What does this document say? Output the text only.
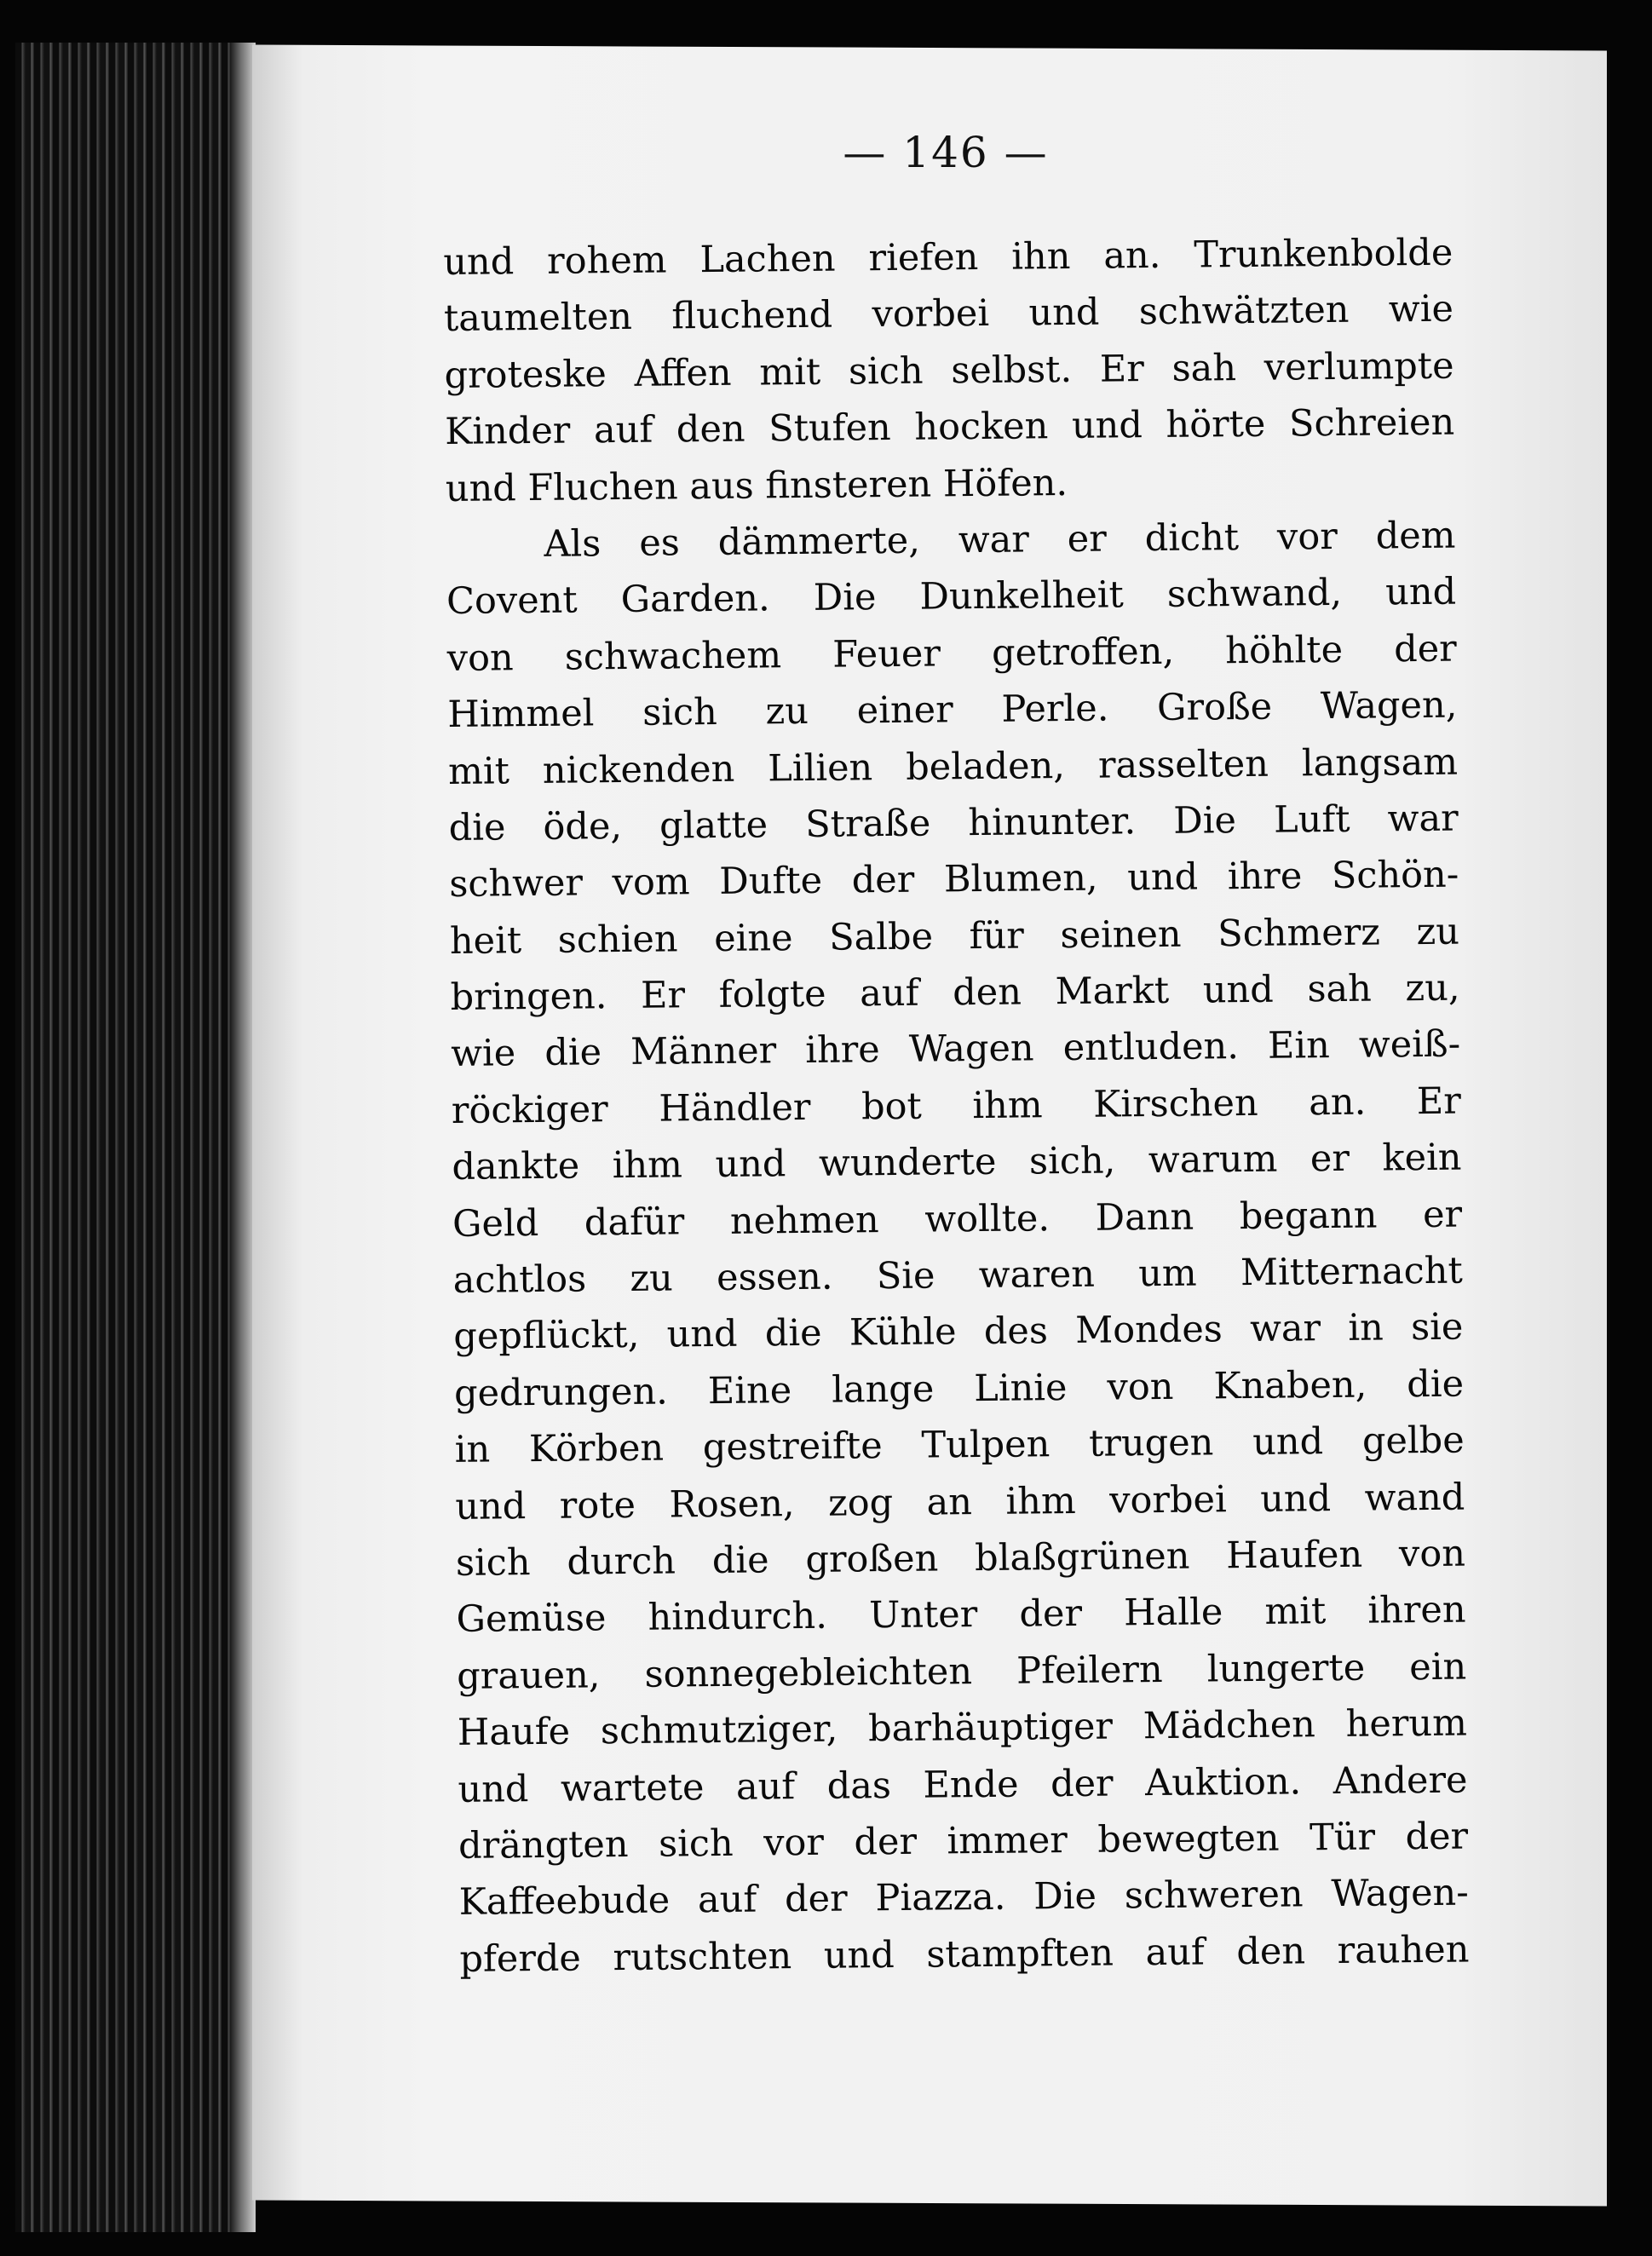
— 146 —
und rohem Lachen riefen ihn an. Trunkenbolde
taumelten fluchend vorbei und schwätzten wie
groteske Affen mit sich selbst. Er sah verlumpte
Kinder auf den Stufen hocken und hörte Schreien
und Fluchen aus finsteren Höfen.
Als es dämmerte, war er dicht vor dem
Covent Garden. Die Dunkelheit schwand, und
von schwachem Feuer getroffen, höhlte der
Himmel sich zu einer Perle. Große Wagen,
mit nickenden Lilien beladen, rasselten langsam
die öde, glatte Straße hinunter. Die Luft war
schwer vom Dufte der Blumen, und ihre Schön-
heit schien eine Salbe für seinen Schmerz zu
bringen. Er folgte auf den Markt und sah zu,
wie die Männer ihre Wagen entluden. Ein weiß-
röckiger Händler bot ihm Kirschen an. Er
dankte ihm und wunderte sich, warum er kein
Geld dafür nehmen wollte. Dann begann er
achtlos zu essen. Sie waren um Mitternacht
gepflückt, und die Kühle des Mondes war in sie
gedrungen. Eine lange Linie von Knaben, die
in Körben gestreifte Tulpen trugen und gelbe
und rote Rosen, zog an ihm vorbei und wand
sich durch die großen blaßgrünen Haufen von
Gemüse hindurch. Unter der Halle mit ihren
grauen, sonnegebleichten Pfeilern lungerte ein
Haufe schmutziger, barhäuptiger Mädchen herum
und wartete auf das Ende der Auktion. Andere
drängten sich vor der immer bewegten Tür der
Kaffeebude auf der Piazza. Die schweren Wagen-
pferde rutschten und stampften auf den rauhen
